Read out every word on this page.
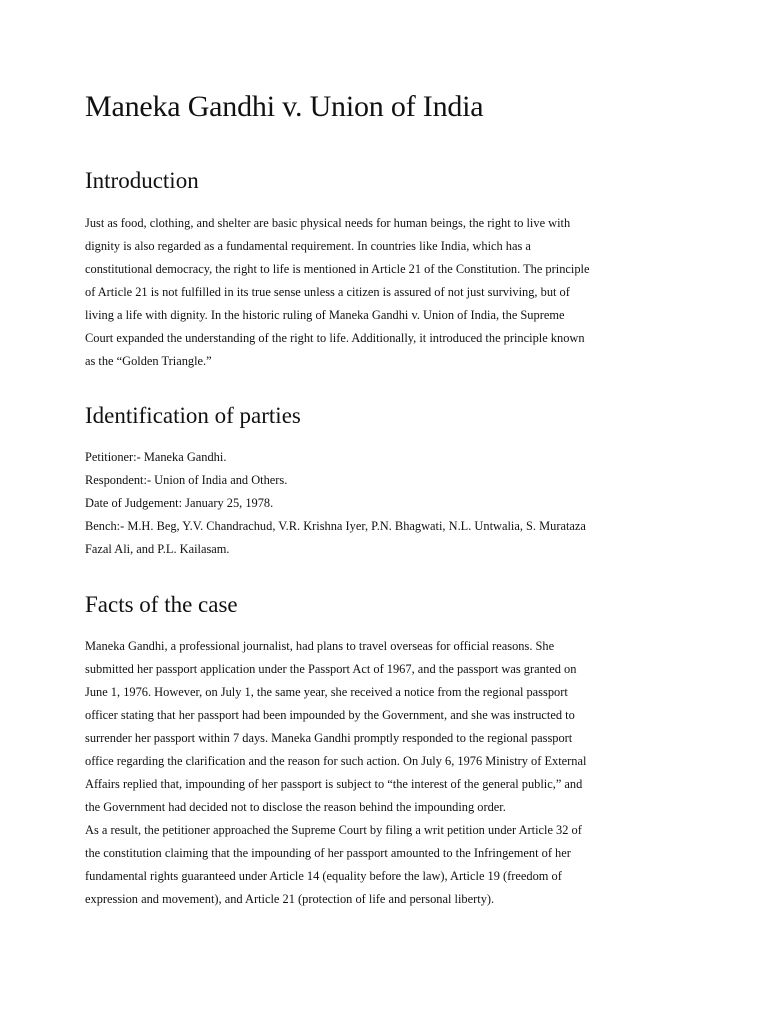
Maneka Gandhi v. Union of India
Introduction
Just as food, clothing, and shelter are basic physical needs for human beings, the right to live with
dignity is also regarded as a fundamental requirement. In countries like India, which has a
constitutional democracy, the right to life is mentioned in Article 21 of the Constitution. The principle
of Article 21 is not fulfilled in its true sense unless a citizen is assured of not just surviving, but of
living a life with dignity. In the historic ruling of Maneka Gandhi v. Union of India, the Supreme
Court expanded the understanding of the right to life. Additionally, it introduced the principle known
as the “Golden Triangle.”
Identification of parties
Petitioner:- Maneka Gandhi.
Respondent:- Union of India and Others.
Date of Judgement: January 25, 1978.
Bench:- M.H. Beg, Y.V. Chandrachud, V.R. Krishna Iyer, P.N. Bhagwati, N.L. Untwalia, S. Murataza
Fazal Ali, and P.L. Kailasam.
Facts of the case
Maneka Gandhi, a professional journalist, had plans to travel overseas for official reasons. She
submitted her passport application under the Passport Act of 1967, and the passport was granted on
June 1, 1976. However, on July 1, the same year, she received a notice from the regional passport
officer stating that her passport had been impounded by the Government, and she was instructed to
surrender her passport within 7 days. Maneka Gandhi promptly responded to the regional passport
office regarding the clarification and the reason for such action. On July 6, 1976 Ministry of External
Affairs replied that, impounding of her passport is subject to “the interest of the general public,” and
the Government had decided not to disclose the reason behind the impounding order.
As a result, the petitioner approached the Supreme Court by filing a writ petition under Article 32 of
the constitution claiming that the impounding of her passport amounted to the Infringement of her
fundamental rights guaranteed under Article 14 (equality before the law), Article 19 (freedom of
expression and movement), and Article 21 (protection of life and personal liberty).
